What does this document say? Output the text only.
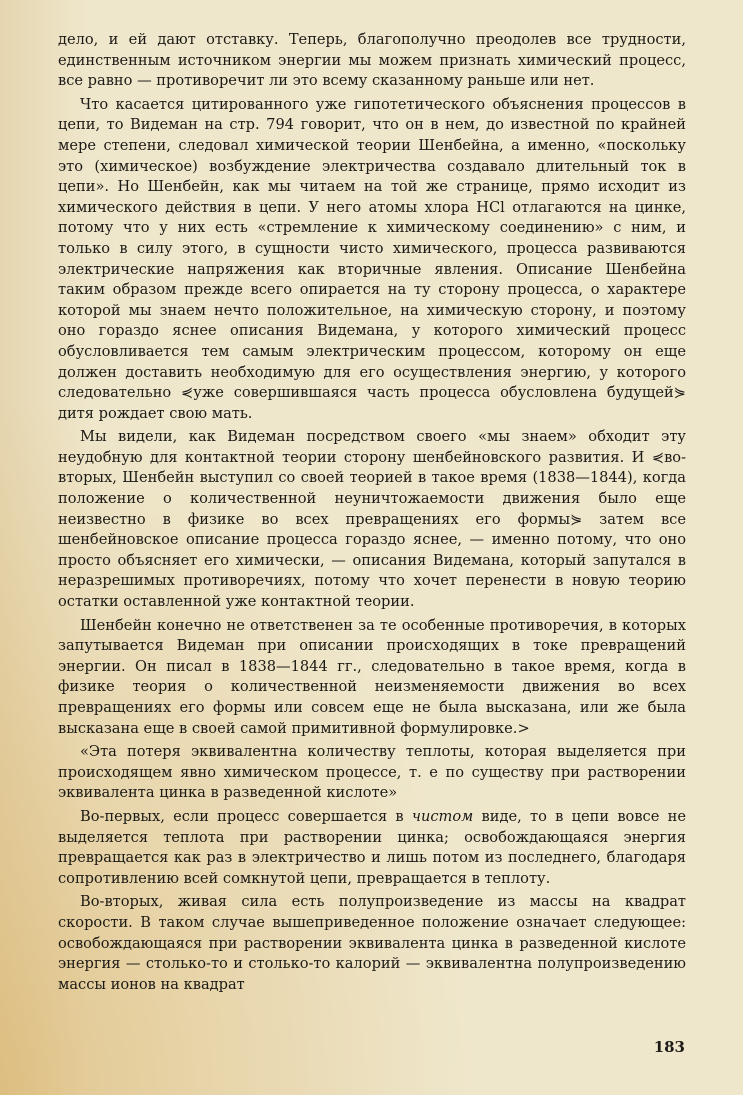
дело, и ей дают отставку. Теперь, благополучно преодолев все трудности, единственным источником энергии мы можем признать химический процесс, все равно — противоречит ли это всему сказанному раньше или нет.

Что касается цитированного уже гипотетического объяснения процессов в цепи, то Видеман на стр. 794 говорит, что он в нем, до известной по крайней мере степени, следовал химической теории Шенбейна, а именно, «поскольку это (химическое) возбуждение электричества создавало длительный ток в цепи». Но Шенбейн, как мы читаем на той же странице, прямо исходит из химического действия в цепи. У него атомы хлора HCl отлагаются на цинке, потому что у них есть «стремление к химическому соединению» с ним, и только в силу этого, в сущности чисто химического, процесса развиваются электрические напряжения как вторичные явления. Описание Шенбейна таким образом прежде всего опирается на ту сторону процесса, о характере которой мы знаем нечто положительное, на химическую сторону, и поэтому оно гораздо яснее описания Видемана, у которого химический процесс обусловливается тем самым электрическим процессом, которому он еще должен доставить необходимую для его осуществления энергию, у которого следовательно ⋞уже совершившаяся часть процесса обусловлена будущей⋟ дитя рождает свою мать.

Мы видели, как Видеман посредством своего «мы знаем» обходит эту неудобную для контактной теории сторону шенбейновского развития. И ⋞во-вторых, Шенбейн выступил со своей теорией в такое время (1838—1844), когда положение о количественной неуничтожаемости движения было еще неизвестно в физике во всех превращениях его формы⋟ затем все шенбейновское описание процесса гораздо яснее, — именно потому, что оно просто объясняет его химически, — описания Видемана, который запутался в неразрешимых противоречиях, потому что хочет перенести в новую теорию остатки оставленной уже контактной теории.

Шенбейн конечно не ответственен за те особенные противоречия, в которых запутывается Видеман при описании происходящих в токе превращений энергии. Он писал в 1838—1844 гг., следовательно в такое время, когда в физике теория о количественной неизменяемости движения во всех превращениях его формы или совсем еще не была высказана, или же была высказана еще в своей самой примитивной формулировке.>

«Эта потеря эквивалентна количеству теплоты, которая выделяется при происходящем явно химическом процессе, т. е по существу при растворении эквивалента цинка в разведенной кислоте»

Во-первых, если процесс совершается в чистом виде, то в цепи вовсе не выделяется теплота при растворении цинка; освобождающаяся энергия превращается как раз в электричество и лишь потом из последнего, благодаря сопротивлению всей сомкнутой цепи, превращается в теплоту.

Во-вторых, живая сила есть полупроизведение из массы на квадрат скорости. В таком случае вышеприведенное положение означает следующее: освобождающаяся при растворении эквивалента цинка в разведенной кислоте энергия — столько-то и столько-то калорий — эквивалентна полупроизведению массы ионов на квадрат

183
